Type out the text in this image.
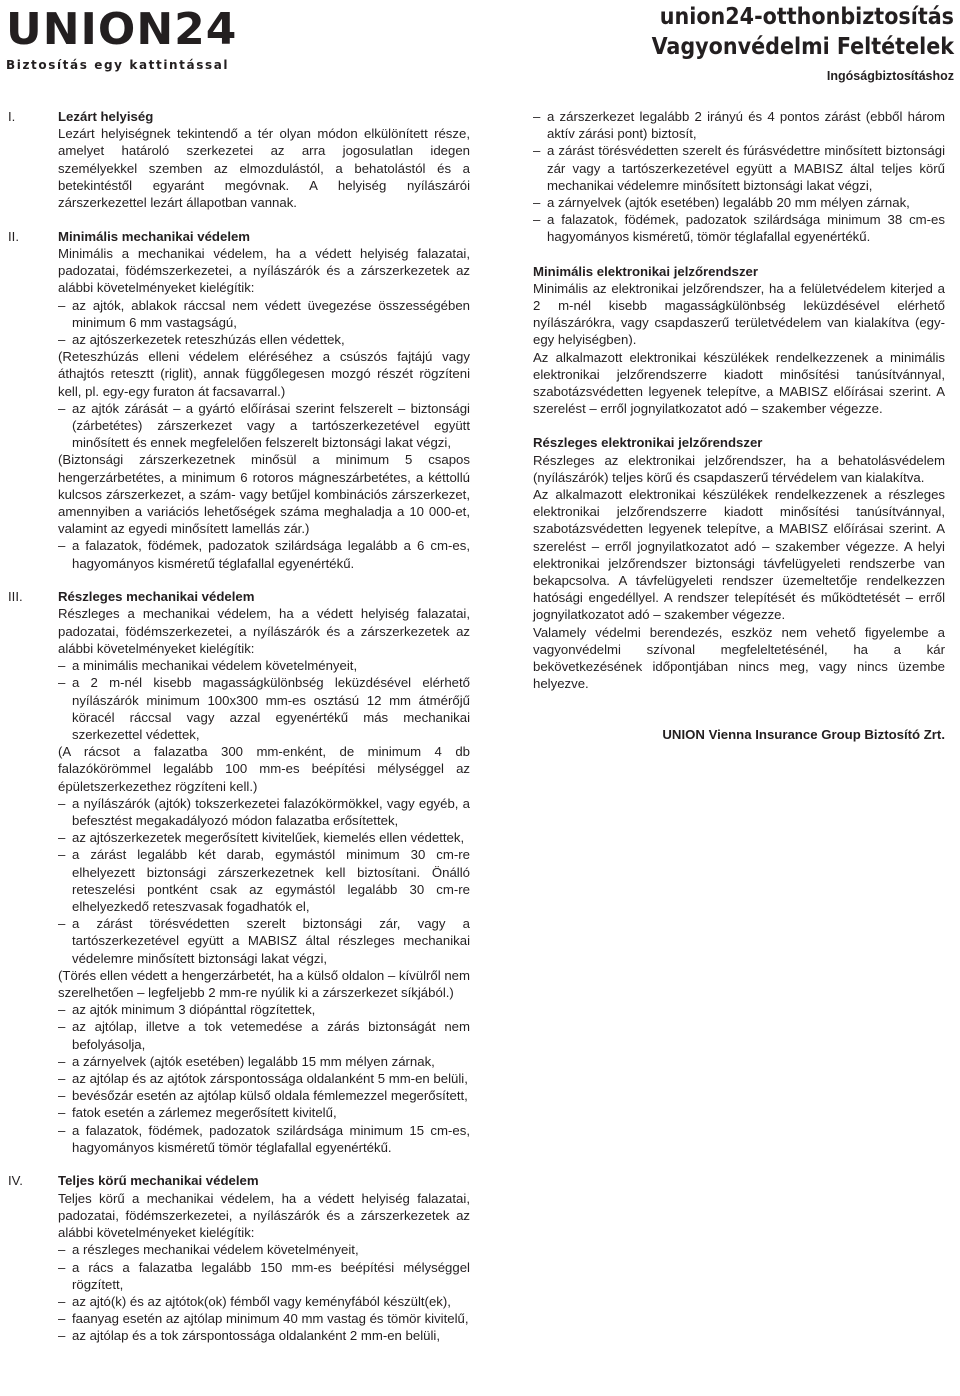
UNION24
Biztosítás egy kattintással
union24-otthonbiztosítás
Vagyonvédelmi Feltételek
Ingóságbiztosításhoz
I.	Lezárt helyiség

Lezárt helyiségnek tekintendő a tér olyan módon elkülönített része, amelyet határoló szerkezetei az arra jogosulatlan idegen személyekkel szemben az elmozdulástól, a behatolástól és a betekintéstől egyaránt megóvnak. A helyiség nyílászárói zárszerkezettel lezárt állapotban vannak.

II.	Minimális mechanikai védelem

Minimális a mechanikai védelem, ha a védett helyiség falazatai, padozatai, födémszerkezetei, a nyílászárók és a zárszerkezetek az alábbi követelményeket kielégítik:

– az ajtók, ablakok ráccsal nem védett üvegezése összességében minimum 6 mm vastagságú,
– az ajtószerkezetek reteszhúzás ellen védettek,

(Reteszhúzás elleni védelem eléréséhez a csúszós fajtájú vagy áthajtós retesztt (riglit), annak függőlegesen mozgó részét rögzíteni kell, pl. egy-egy furaton át facsavarral.)

– az ajtók zárását – a gyártó előírásai szerint felszerelt – biztonsági (zárbetétes) zárszerkezet vagy a tartószerkezetével együtt minősített és ennek megfelelően felszerelt biztonsági lakat végzi,

(Biztonsági zárszerkezetnek minősül a minimum 5 csapos hengerzárbetétes, a minimum 6 rotoros mágneszárbetétes, a kéttollú kulcsos zárszerkezet, a szám- vagy betűjel kombinációs zárszerkezet, amennyiben a variációs lehetőségek száma meghaladja a 10 000-et, valamint az egyedi minősített lamellás zár.)

– a falazatok, födémek, padozatok szilárdsága legalább a 6 cm-es, hagyományos kisméretű téglafallal egyenértékű.
III.	Részleges mechanikai védelem

Részleges a mechanikai védelem, ha a védett helyiség falazatai, padozatai, födémszerkezetei, a nyílászárók és a zárszerkezetek az alábbi követelményeket kielégítik:

– a minimális mechanikai védelem követelményeit,
– a 2 m-nél kisebb magasságkülönbség leküzdésével elérhető nyílászárók minimum 100x300 mm-es osztású 12 mm átmérőjű köracél ráccsal vagy azzal egyenértékű más mechanikai szerkezettel védettek,

(A rácsot a falazatba 300 mm-enként, de minimum 4 db falazókörömmel legalább 100 mm-es beépítési mélységgel az épületszerkezethez rögzíteni kell.)

– a nyílászárók (ajtók) tokszerkezetei falazókörmökkel, vagy egyéb, a befesztést megakadályozó módon falazatba erősítettek,
– az ajtószerkezetek megerősített kivitelűek, kiemelés ellen védettek,
– a zárást legalább két darab, egymástól minimum 30 cm-re elhelyezett biztonsági zárszerkezetnek kell biztosítani. Önálló reteszelési pontként csak az egymástól legalább 30 cm-re elhelyezkedő reteszvasak fogadhatók el,
– a zárást törésvédetten szerelt biztonsági zár, vagy a tartószerkezetével együtt a MABISZ által részleges mechanikai védelemre minősített biztonsági lakat végzi,

(Törés ellen védett a hengerzárbetét, ha a külső oldalon – kívülről nem szerelhetően – legfeljebb 2 mm-re nyúlik ki a zárszerkezet síkjából.)

– az ajtók minimum 3 diópánttal rögzítettek,
– az ajtólap, illetve a tok vetemedése a zárás biztonságát nem befolyásolja,
– a zárnyelvek (ajtók esetében) legalább 15 mm mélyen zárnak,
– az ajtólap és az ajtótok zárspontossága oldalanként 5 mm-en belüli,
– bevésőzár esetén az ajtólap külső oldala fémlemezzel megerősített,
– fatok esetén a zárlemez megerősített kivitelű,
– a falazatok, födémek, padozatok szilárdsága minimum 15 cm-es, hagyományos kisméretű tömör téglafallal egyenértékű.
IV.	Teljes körű mechanikai védelem

Teljes körű a mechanikai védelem, ha a védett helyiség falazatai, padozatai, födémszerkezetei, a nyílászárók és a zárszerkezetek az alábbi követelményeket kielégítik:

– a részleges mechanikai védelem követelményeit,
– a rács a falazatba legalább 150 mm-es beépítési mélységgel rögzített,
– az ajtó(k) és az ajtótok(ok) fémből vagy keményfából készült(ek),
– faanyag esetén az ajtólap minimum 40 mm vastag és tömör kivitelű,
– az ajtólap és a tok zárspontossága oldalanként 2 mm-en belüli,
– a zárszerkezet legalább 2 irányú és 4 pontos zárást (ebből három aktív zárási pont) biztosít,
– a zárást törésvédetten szerelt és fúrásvédettre minősített biztonsági zár vagy a tartószerkezetével együtt a MABISZ által teljes körű mechanikai védelemre minősített biztonsági lakat végzi,
– a zárnyelvek (ajtók esetében) legalább 20 mm mélyen zárnak,
– a falazatok, födémek, padozatok szilárdsága minimum 38 cm-es hagyományos kisméretű, tömör téglafallal egyenértékű.
Minimális elektronikai jelzőrendszer

Minimális az elektronikai jelzőrendszer, ha a felületvédelem kiterjed a 2 m-nél kisebb magasságkülönbség leküzdésével elérhető nyílászárókra, vagy csapdaszerű területvédelem van kialakítva (egy-egy helyiségben).

Az alkalmazott elektronikai készülékek rendelkezzenek a minimális elektronikai jelzőrendszerre kiadott minősítési tanúsítvánnyal, szabotázsvédetten legyenek telepítve, a MABISZ előírásai szerint. A szerelést – erről jognyilatkozatot adó – szakember végezze.

Részleges elektronikai jelzőrendszer

Részleges az elektronikai jelzőrendszer, ha a behatolásvédelem (nyílászárók) teljes körű és csapdaszerű térvédelem van kialakítva.

Az alkalmazott elektronikai készülékek rendelkezzenek a részleges elektronikai jelzőrendszerre kiadott minősítési tanúsítvánnyal, szabotázsvédetten legyenek telepítve, a MABISZ előírásai szerint. A szerelést – erről jognyilatkozatot adó – szakember végezze. A helyi elektronikai jelzőrendszer biztonsági távfelügyeleti rendszerbe van bekapcsolva. A távfelügyeleti rendszer üzemeltetője rendelkezzen hatósági engedéllyel. A rendszer telepítését és működtetését – erről jognyilatkozatot adó – szakember végezze.

Valamely védelmi berendezés, eszköz nem vehető figyelembe a vagyonvédelmi szívonal megfeleltetésénél, ha a kár bekövetkezésének időpontjában nincs meg, vagy nincs üzembe helyezve.

UNION Vienna Insurance Group Biztosító Zrt.
